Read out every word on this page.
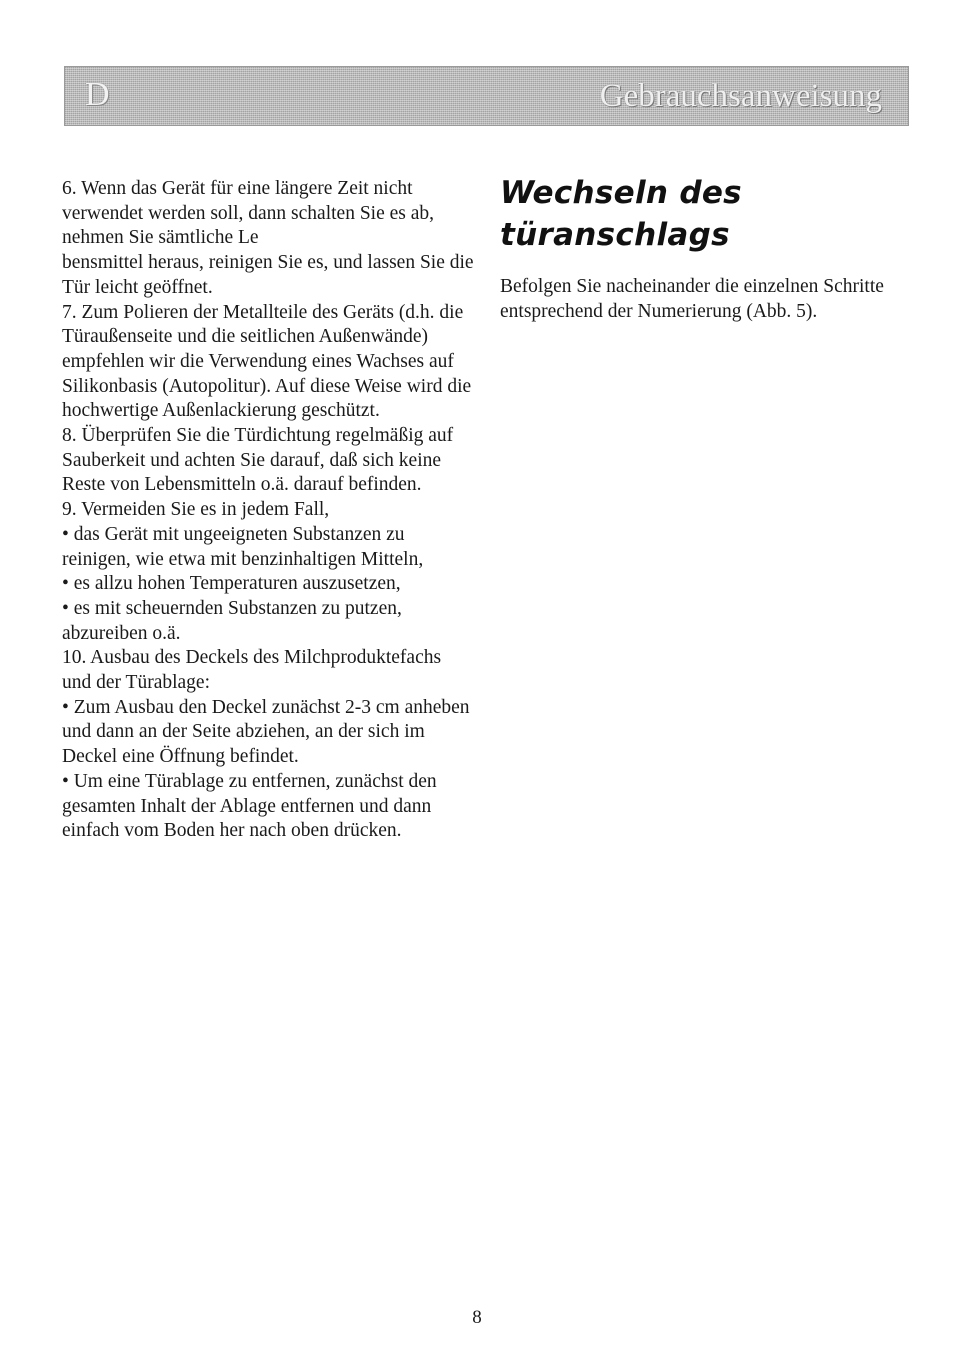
D	Gebrauchsanweisung

6. Wenn das Gerät für eine längere Zeit nicht verwendet werden soll, dann schalten Sie es ab, nehmen Sie sämtliche Le

bensmittel heraus, reinigen Sie es, und lassen Sie die Tür leicht geöffnet.

7. Zum Polieren der Metallteile des Geräts (d.h. die Türaußenseite und die seitlichen Außenwände) empfehlen wir die Verwendung eines Wachses auf Silikonbasis (Autopolitur). Auf diese Weise wird die hochwertige Außenlackierung geschützt.

8. Überprüfen Sie die Türdichtung regelmäßig auf Sauberkeit und achten Sie darauf, daß sich keine Reste von Lebensmitteln o.ä. darauf befinden.

9. Vermeiden Sie es in jedem Fall,

• das Gerät mit ungeeigneten Substanzen zu reinigen, wie etwa mit benzinhaltigen Mitteln,

• es allzu hohen Temperaturen auszusetzen,

• es mit scheuernden Substanzen zu putzen, abzureiben o.ä.

10. Ausbau des Deckels des Milchproduktefachs und der Türablage:

• Zum Ausbau den Deckel zunächst 2-3 cm anheben und dann an der Seite abziehen, an der sich im Deckel eine Öffnung befindet.

• Um eine Türablage zu entfernen, zunächst den gesamten Inhalt der Ablage entfernen und dann einfach vom Boden her nach oben drücken.

Wechseln des türanschlags

Befolgen Sie nacheinander die einzelnen Schritte entsprechend der Numerierung (Abb. 5).

8
